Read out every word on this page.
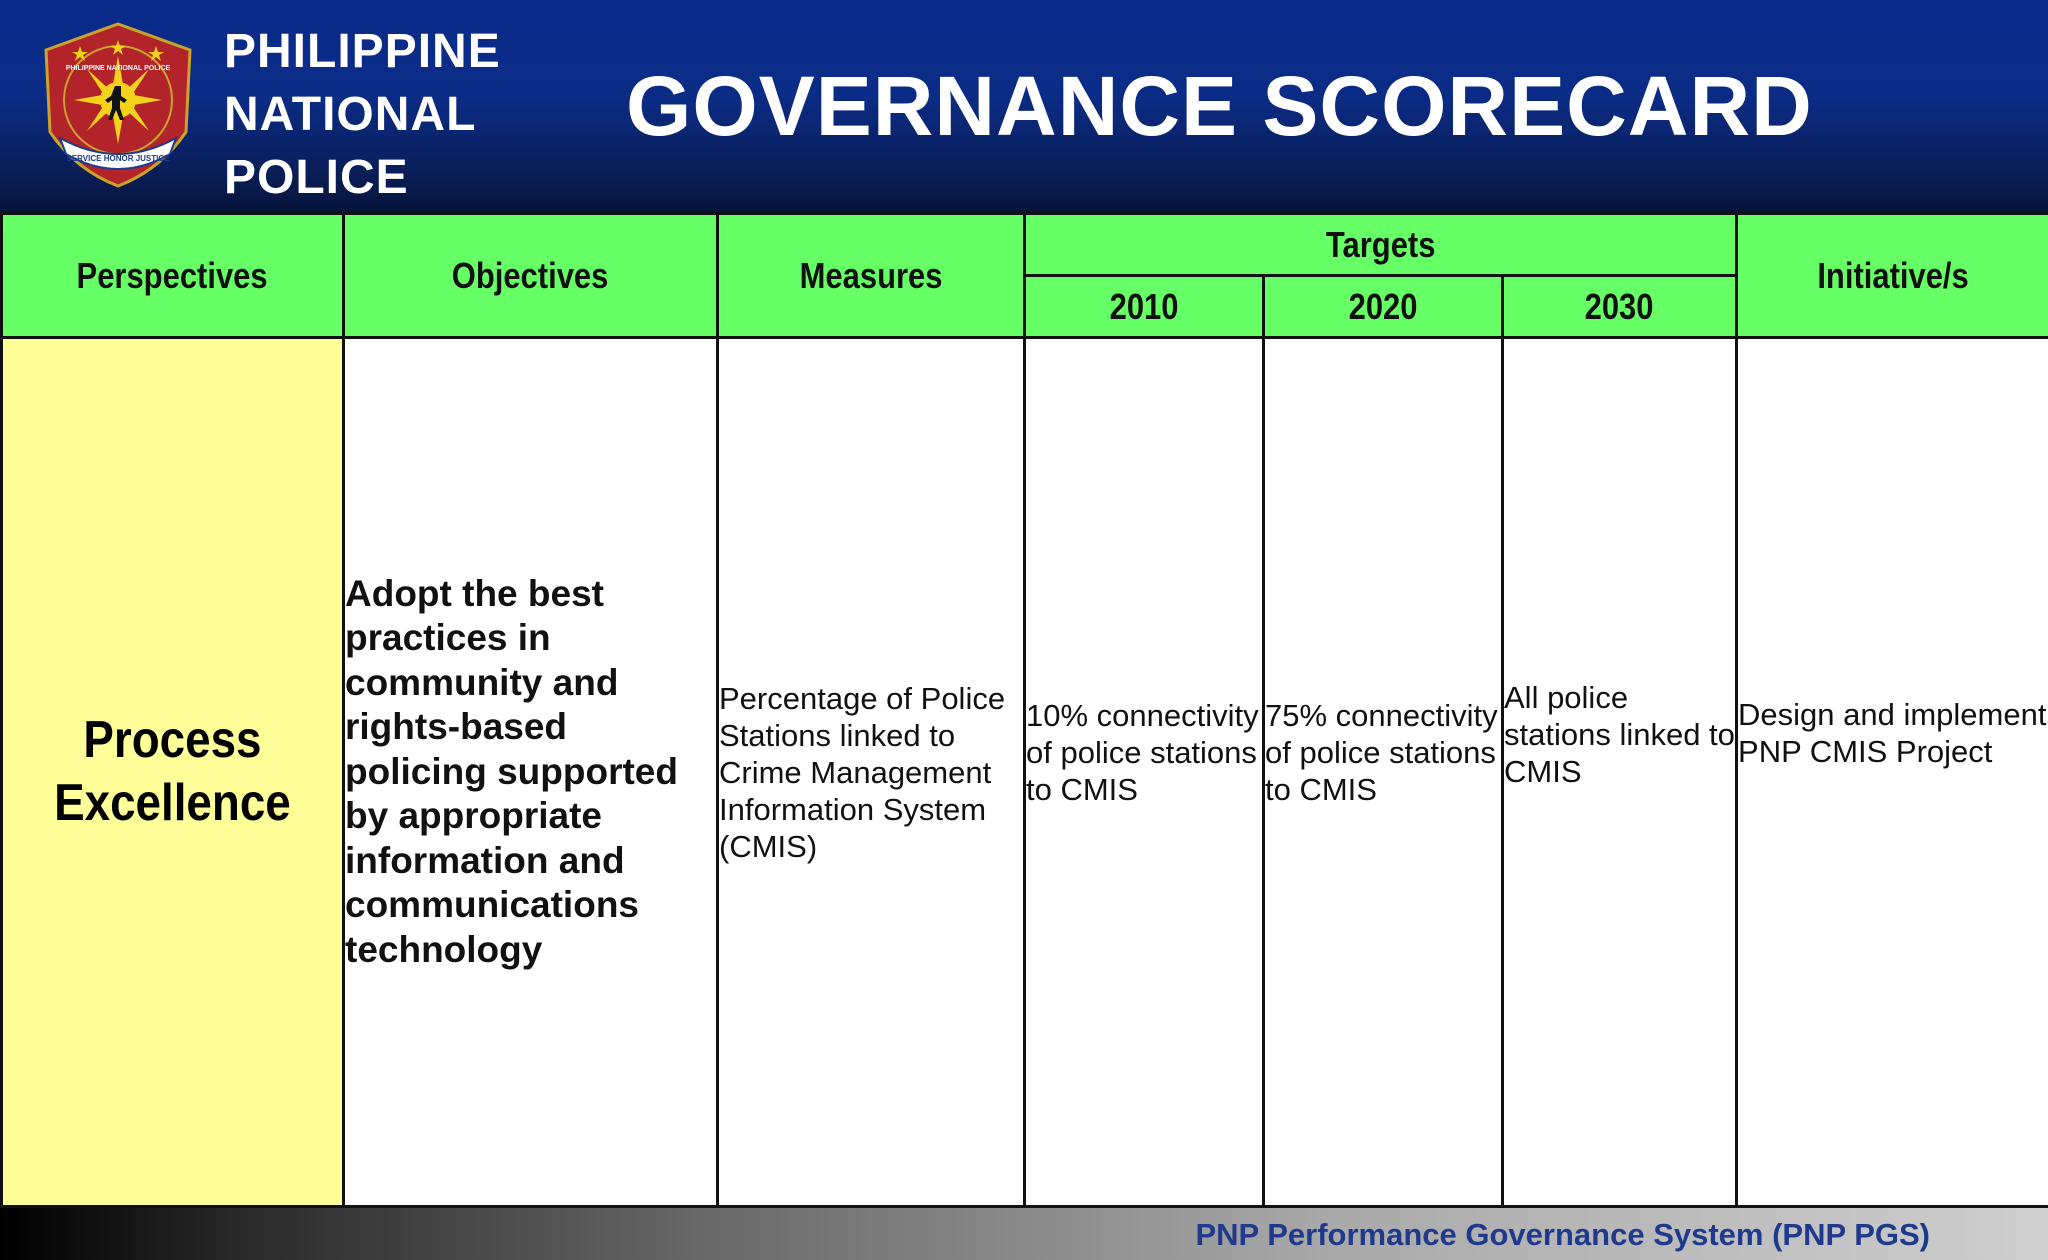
SERVICE HONOR JUSTICE
PHILIPPINE NATIONAL POLICE PHILIPPINE
NATIONAL
POLICE
GOVERNANCE SCORECARD
Perspectives	Objectives	Measures	Targets			Initiative/s
			2010	2020	2030	
Process
Excellence	Adopt the best practices in community and rights-based policing supported by appropriate information and communications technology	Percentage of Police Stations linked to Crime Management Information System (CMIS)	10% connectivity of police stations to CMIS	75% connectivity of police stations to CMIS	All police stations linked to CMIS	Design and implement PNP CMIS Project
PNP Performance Governance System (PNP PGS)
